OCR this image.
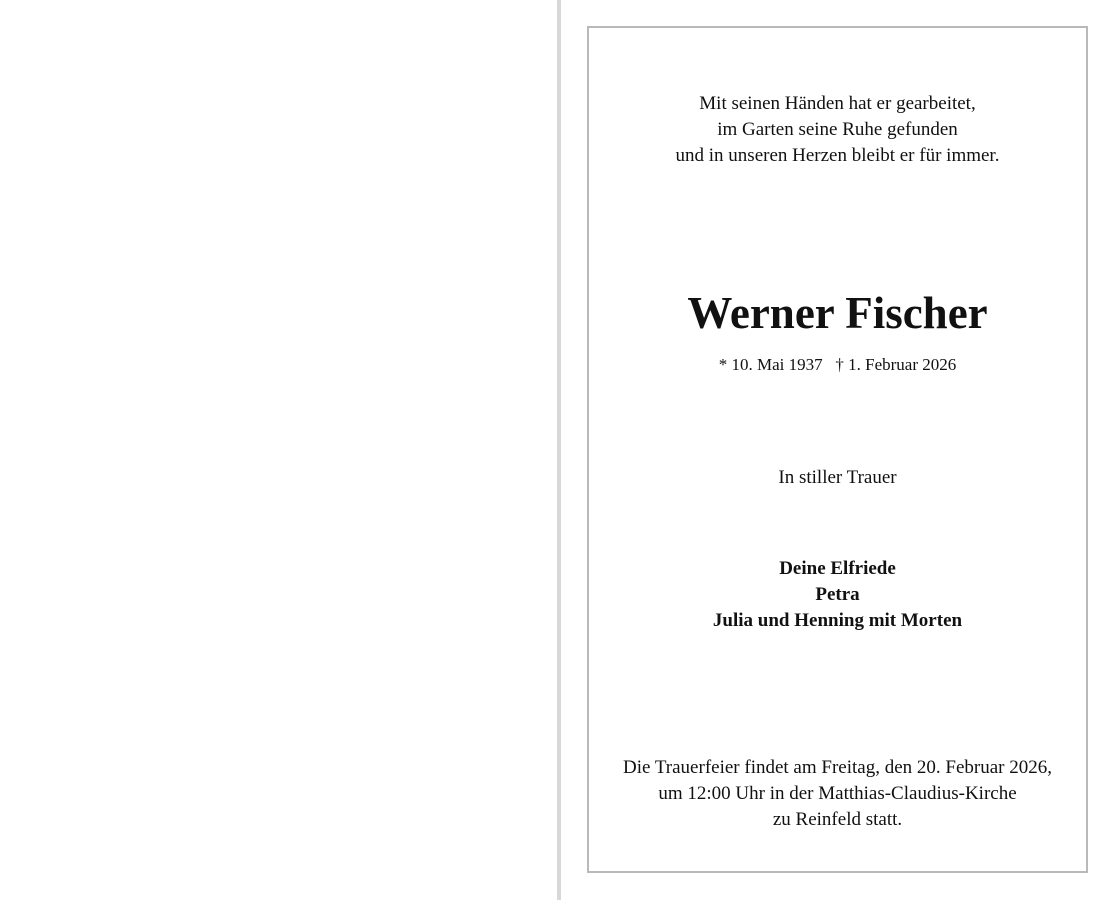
Mit seinen Händen hat er gearbeitet,
im Garten seine Ruhe gefunden
und in unseren Herzen bleibt er für immer.
Werner Fischer
* 10. Mai 1937   † 1. Februar 2026
In stiller Trauer
Deine Elfriede
Petra
Julia und Henning mit Morten
Die Trauerfeier findet am Freitag, den 20. Februar 2026,
um 12:00 Uhr in der Matthias-Claudius-Kirche
zu Reinfeld statt.
